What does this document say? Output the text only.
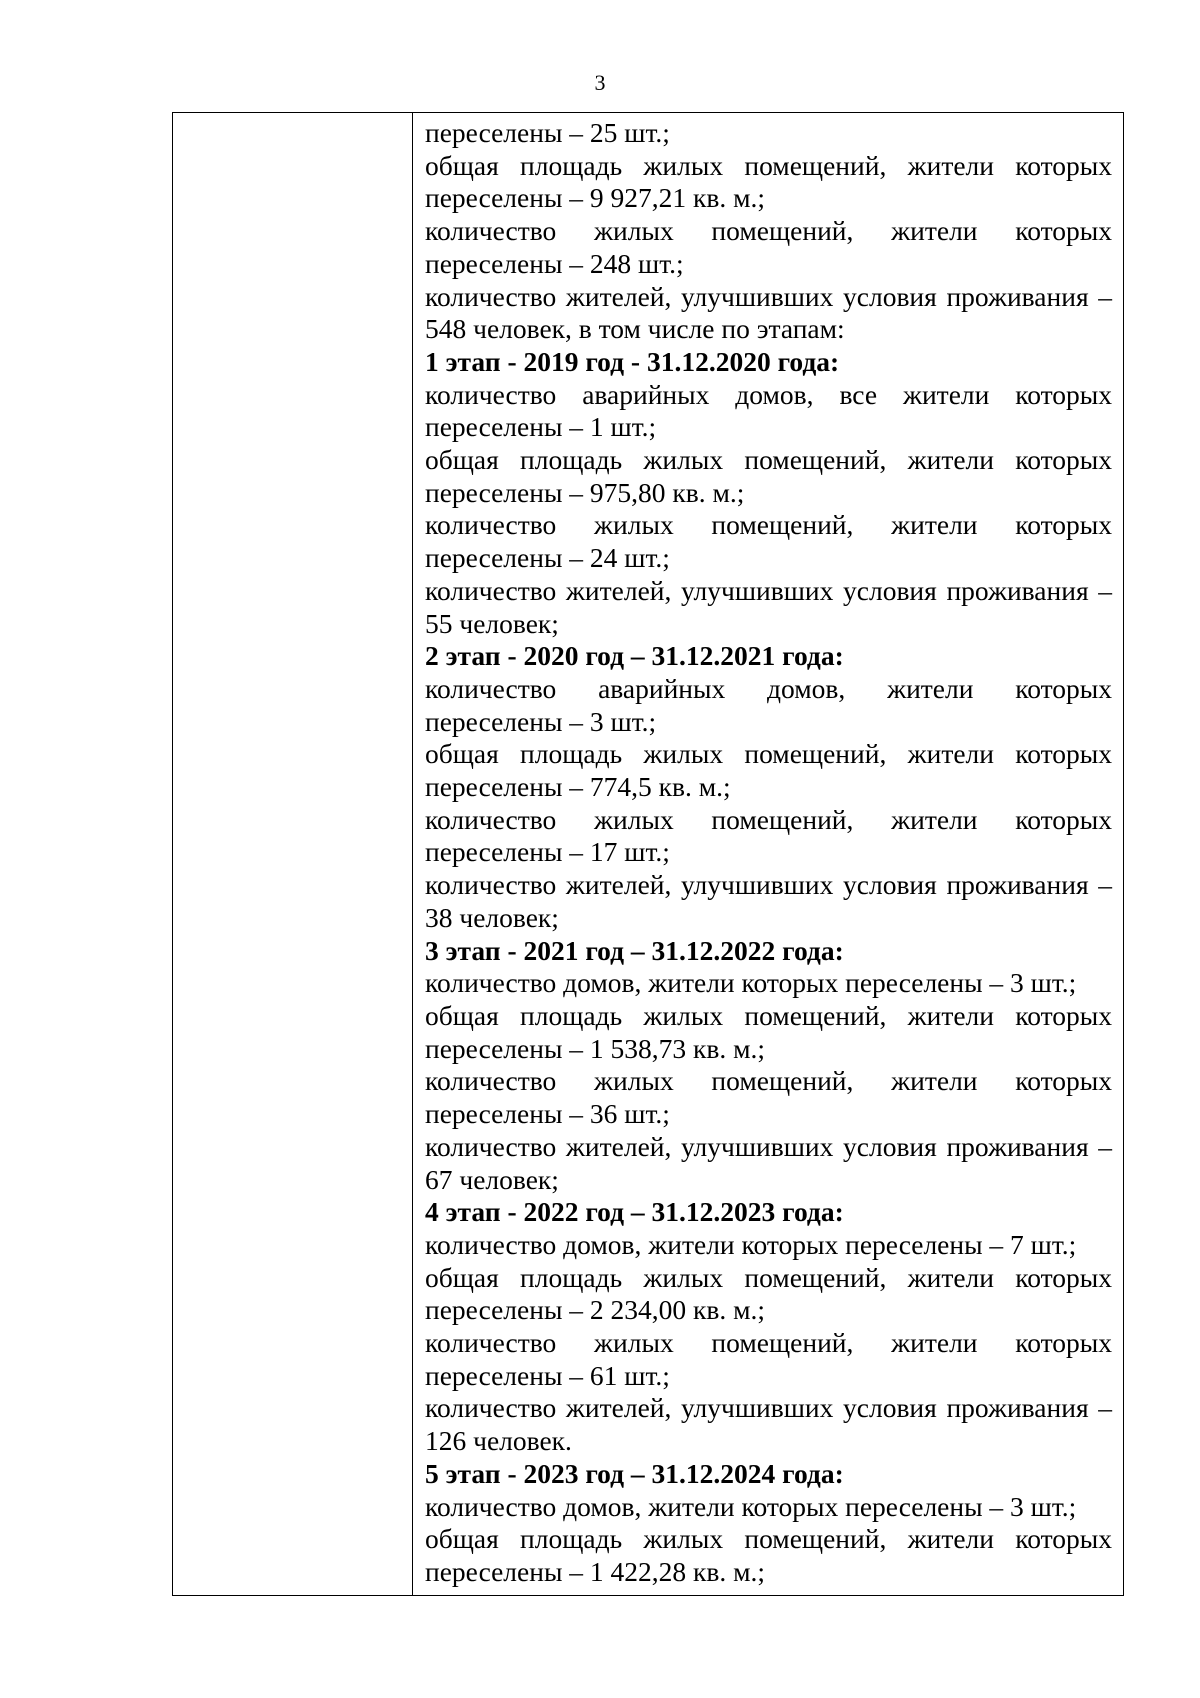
3

переселены – 25 шт.;

общая площадь жилых помещений, жители которых переселены – 9 927,21 кв. м.;

количество жилых помещений, жители которых переселены – 248 шт.;

количество жителей, улучшивших условия проживания – 548 человек, в том числе по этапам:

1 этап - 2019 год - 31.12.2020 года:

количество аварийных домов, все жители которых переселены – 1 шт.;

общая площадь жилых помещений, жители которых переселены – 975,80 кв. м.;

количество жилых помещений, жители которых переселены – 24 шт.;

количество жителей, улучшивших условия проживания – 55 человек;

2 этап - 2020 год – 31.12.2021 года:

количество аварийных домов, жители которых переселены – 3 шт.;

общая площадь жилых помещений, жители которых переселены – 774,5 кв. м.;

количество жилых помещений, жители которых переселены – 17 шт.;

количество жителей, улучшивших условия проживания – 38 человек;

3 этап - 2021 год – 31.12.2022 года:

количество домов, жители которых переселены – 3 шт.;

общая площадь жилых помещений, жители которых переселены – 1 538,73 кв. м.;

количество жилых помещений, жители которых переселены – 36 шт.;

количество жителей, улучшивших условия проживания – 67 человек;

4 этап - 2022 год – 31.12.2023 года:

количество домов, жители которых переселены – 7 шт.;

общая площадь жилых помещений, жители которых переселены – 2 234,00 кв. м.;

количество жилых помещений, жители которых переселены – 61 шт.;

количество жителей, улучшивших условия проживания – 126 человек.

5 этап - 2023 год – 31.12.2024 года:

количество домов, жители которых переселены – 3 шт.;

общая площадь жилых помещений, жители которых переселены – 1 422,28 кв. м.;
